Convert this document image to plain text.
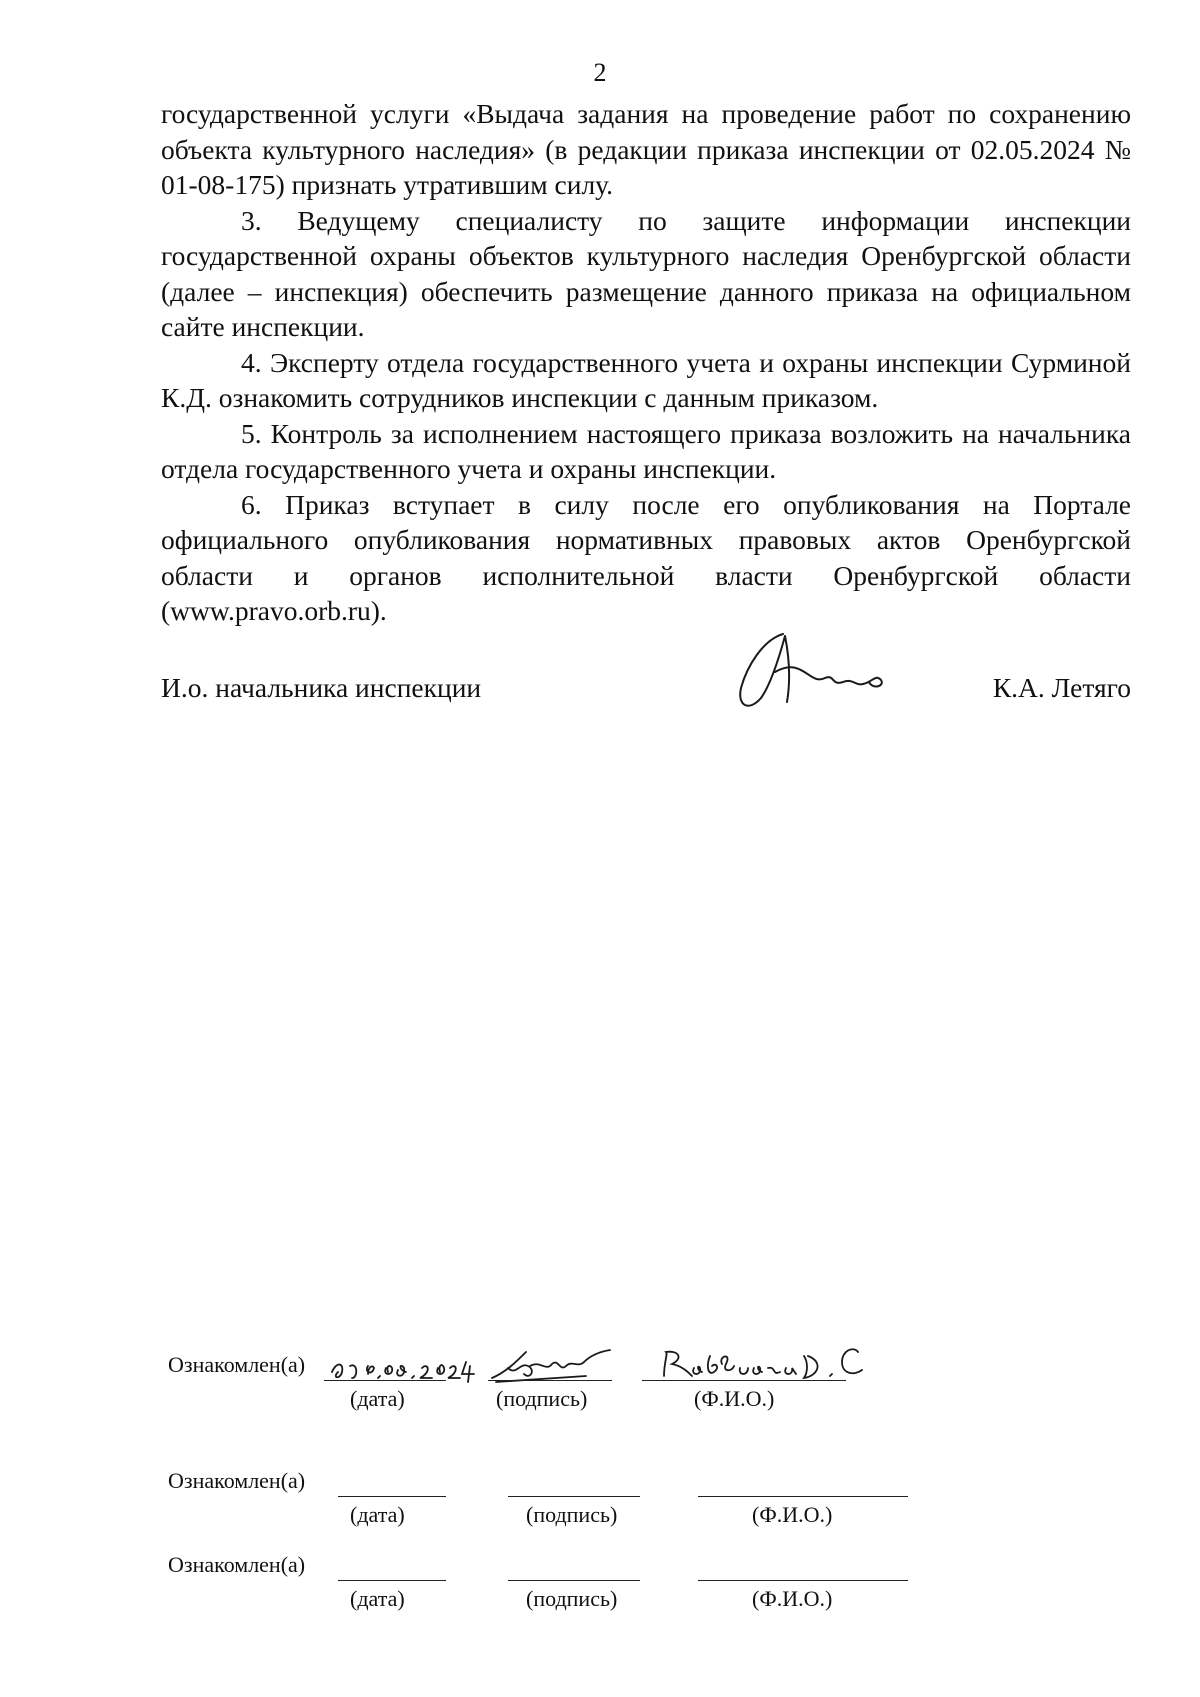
2

государственной услуги «Выдача задания на проведение работ по сохранению объекта культурного наследия» (в редакции приказа инспекции от 02.05.2024 № 01-08-175) признать утратившим силу.

3. Ведущему специалисту по защите информации инспекции государственной охраны объектов культурного наследия Оренбургской области (далее – инспекция) обеспечить размещение данного приказа на официальном сайте инспекции.

4. Эксперту отдела государственного учета и охраны инспекции Сурминой К.Д. ознакомить сотрудников инспекции с данным приказом.

5. Контроль за исполнением настоящего приказа возложить на начальника отдела государственного учета и охраны инспекции.

6. Приказ вступает в силу после его опубликования на Портале официального опубликования нормативных правовых актов Оренбургской области и органов исполнительной власти Оренбургской области (www.pravo.orb.ru).

И.о. начальника инспекции	К.А. Летяго
Ознакомлен(а)
(дата)	(подпись)	(Ф.И.О.)
Ознакомлен(а)
(дата)	(подпись)	(Ф.И.О.)
Ознакомлен(а)
(дата)	(подпись)	(Ф.И.О.)
